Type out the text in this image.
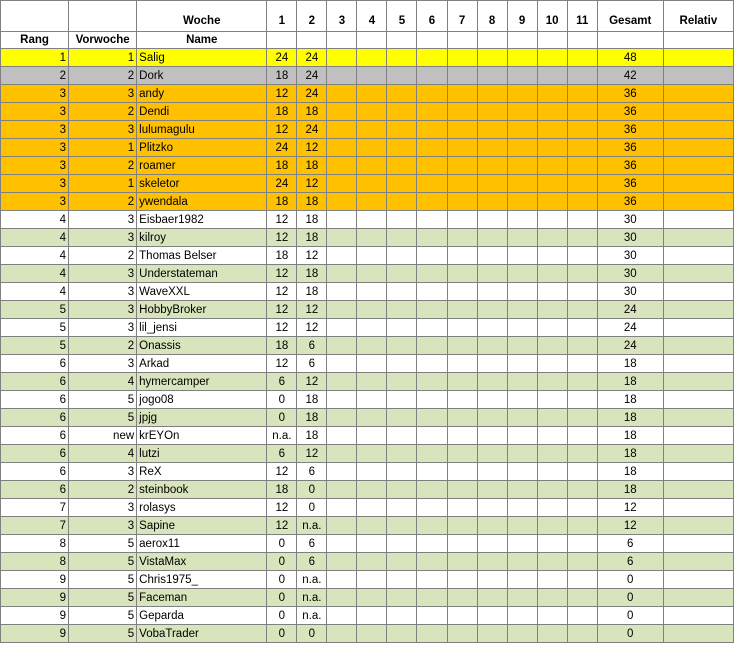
		Woche	1	2	3	4	5	6	7	8	9	10	11	Gesamt	Relativ
Rang	Vorwoche	Name													
1	1	Salig	24	24										48	
2	2	Dork	18	24										42	
3	3	andy	12	24										36	
3	2	Dendi	18	18										36	
3	3	lulumagulu	12	24										36	
3	1	Plitzko	24	12										36	
3	2	roamer	18	18										36	
3	1	skeletor	24	12										36	
3	2	ywendala	18	18										36	
4	3	Eisbaer1982	12	18										30	
4	3	kilroy	12	18										30	
4	2	Thomas Belser	18	12										30	
4	3	Understateman	12	18										30	
4	3	WaveXXL	12	18										30	
5	3	HobbyBroker	12	12										24	
5	3	lil_jensi	12	12										24	
5	2	Onassis	18	6										24	
6	3	Arkad	12	6										18	
6	4	hymercamper	6	12										18	
6	5	jogo08	0	18										18	
6	5	jpjg	0	18										18	
6	new	krEYOn	n.a.	18										18	
6	4	lutzi	6	12										18	
6	3	ReX	12	6										18	
6	2	steinbook	18	0										18	
7	3	rolasys	12	0										12	
7	3	Sapine	12	n.a.										12	
8	5	aerox11	0	6										6	
8	5	VistaMax	0	6										6	
9	5	Chris1975_	0	n.a.										0	
9	5	Faceman	0	n.a.										0	
9	5	Geparda	0	n.a.										0	
9	5	VobaTrader	0	0										0	
